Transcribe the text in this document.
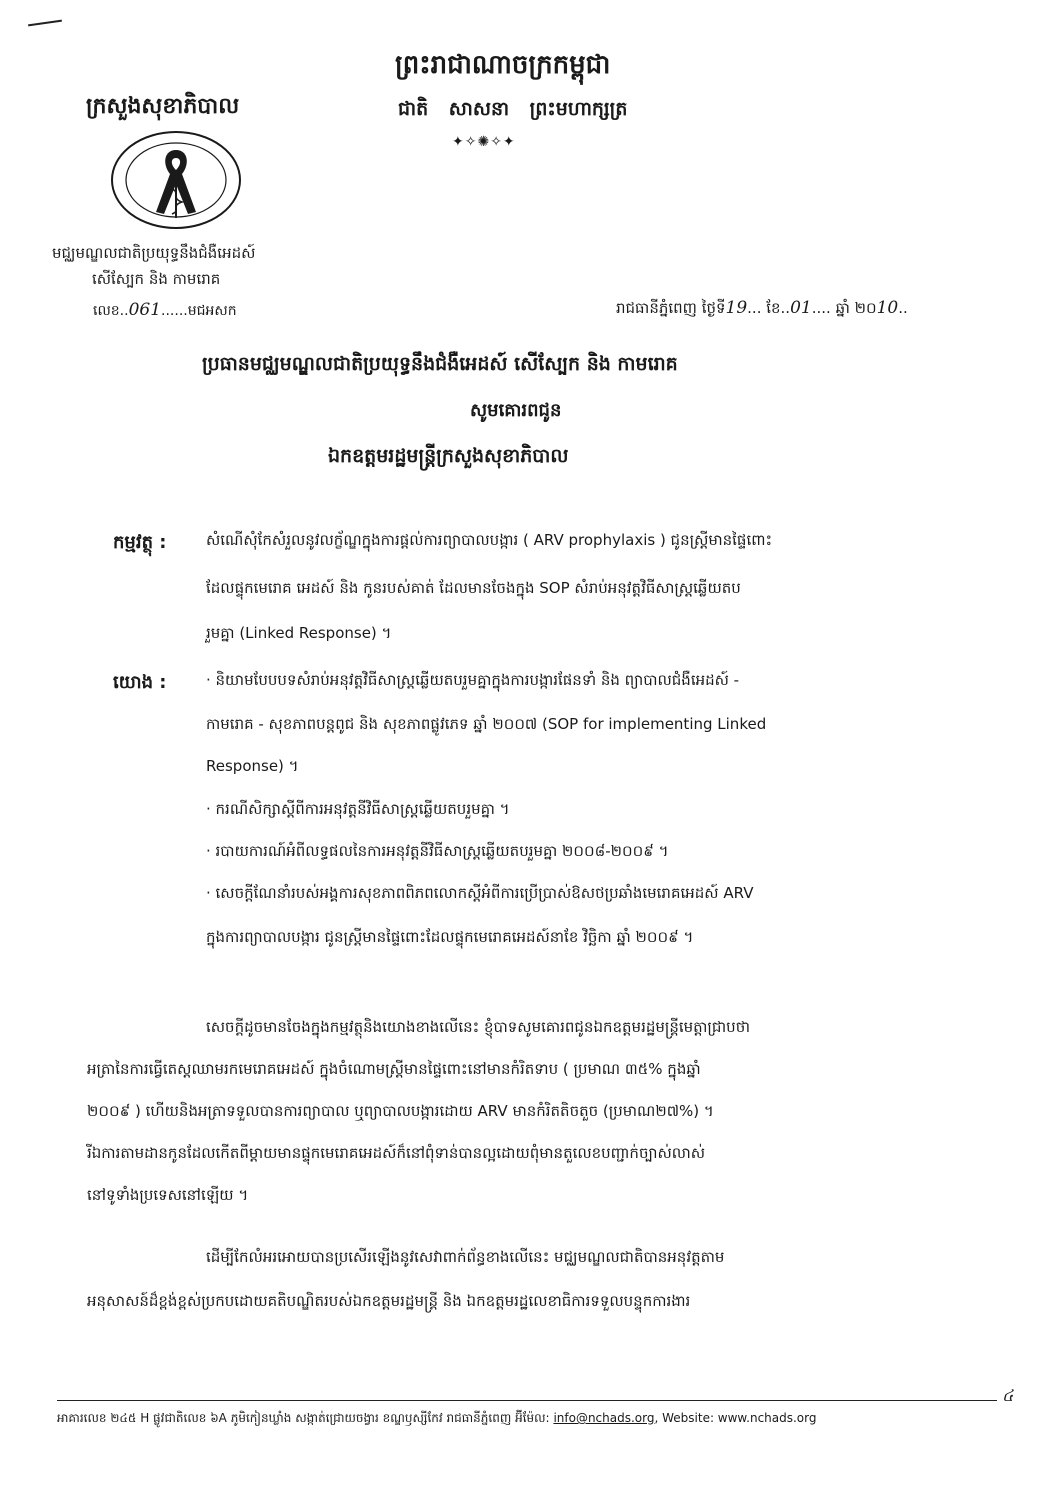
ព្រះរាជាណាចក្រកម្ពុជា
ជាតិ សាសនា ព្រះមហាក្សត្រ
✦✧✺✧✦
ក្រសួងសុខាភិបាល
មជ្ឈមណ្ឌលជាតិប្រយុទ្ធនឹងជំងឺអេដស៍
សើស្បែក និង កាមរោគ
លេខ..061......មជអសក	រាជធានីភ្នំពេញ ថ្ងៃទី19... ខែ..01.... ឆ្នាំ ២០10..
ប្រធានមជ្ឈមណ្ឌលជាតិប្រយុទ្ធនឹងជំងឺអេដស៍ សើស្បែក និង កាមរោគ
សូមគោរពជូន
ឯកឧត្តមរដ្ឋមន្ត្រីក្រសួងសុខាភិបាល
កម្មវត្ថុ :	សំណើសុំកែសំរួលនូវលក្ខ័ណ្ឌក្នុងការផ្តល់ការព្យាបាលបង្ការ ( ARV prophylaxis ) ជូនស្ត្រីមានផ្ទៃពោះ
ដែលផ្ទុកមេរោគ អេដស៍ និង កូនរបស់គាត់ ដែលមានចែងក្នុង SOP សំរាប់អនុវត្តវិធីសាស្ត្រឆ្លើយតប
រួមគ្នា (Linked Response) ។
យោង :	· និយាមបែបបទសំរាប់អនុវត្តវិធីសាស្ត្រឆ្លើយតបរួមគ្នាក្នុងការបង្ការផែនទាំ និង ព្យាបាលជំងឺអេដស៍ -
កាមរោគ - សុខភាពបន្តពូជ និង សុខភាពផ្លូវភេទ ឆ្នាំ ២០០៧ (SOP for implementing Linked
Response) ។
· ករណីសិក្សាស្តីពីការអនុវត្តនីវិធីសាស្ត្រឆ្លើយតបរួមគ្នា ។
· របាយការណ៍អំពីលទ្ធផលនៃការអនុវត្តនីវិធីសាស្ត្រឆ្លើយតបរួមគ្នា ២០០៨-២០០៩ ។
· សេចក្តីណែនាំរបស់អង្គការសុខភាពពិភពលោកស្តីអំពីការប្រើប្រាស់ឱសថប្រឆាំងមេរោគអេដស៍ ARV
ក្នុងការព្យាបាលបង្ការ ជូនស្ត្រីមានផ្ទៃពោះដែលផ្ទុកមេរោគអេដស៍នាខែ វិច្ឆិកា ឆ្នាំ ២០០៩ ។
សេចក្តីដូចមានចែងក្នុងកម្មវត្ថុនិងយោងខាងលើនេះ ខ្ញុំបាទសូមគោរពជូនឯកឧត្តមរដ្ឋមន្ត្រីមេត្តាជ្រាបថា
អត្រានៃការធ្វើតេស្តឈាមរកមេរោគអេដស៍ ក្នុងចំណោមស្ត្រីមានផ្ទៃពោះនៅមានកំរិតទាប ( ប្រមាណ ៣៥% ក្នុងឆ្នាំ
២០០៩ ) ហើយនិងអត្រាទទួលបានការព្យាបាល ឬព្យាបាលបង្ការដោយ ARV មានកំរិតតិចតួច (ប្រមាណ២៧%) ។
រីឯការតាមដានកូនដែលកើតពីម្តាយមានផ្ទុកមេរោគអេដស៍ក៏នៅពុំទាន់បានល្អដោយពុំមានតួលេខបញ្ជាក់ច្បាស់លាស់
នៅទូទាំងប្រទេសនៅឡើយ ។
ដើម្បីកែលំអរអោយបានប្រសើរឡើងនូវសេវាពាក់ព័ន្ធខាងលើនេះ មជ្ឈមណ្ឌលជាតិបានអនុវត្តតាម
អនុសាសន៍ដ៏ខ្ពង់ខ្ពស់ប្រកបដោយគតិបណ្ឌិតរបស់ឯកឧត្តមរដ្ឋមន្ត្រី និង ឯកឧត្តមរដ្ឋលេខាធិការទទួលបន្ទុកការងារ
៤
អាគារលេខ ២៤៥ H ផ្លូវជាតិលេខ ៦A ភូមិកៀនឃ្លាំង សង្កាត់ជ្រោយចង្វារ ខណ្ឌឫស្សីកែវ រាជធានីភ្នំពេញ អ៊ីម៉ែល: info@nchads.org, Website: www.nchads.org
